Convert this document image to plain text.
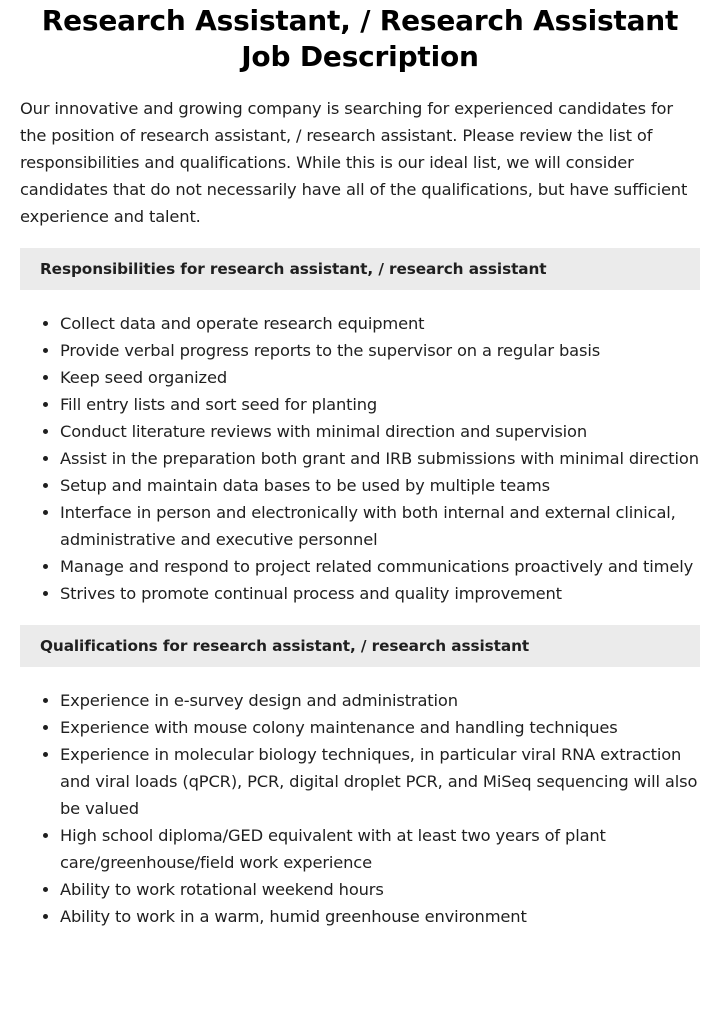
Research Assistant, / Research Assistant Job Description

Our innovative and growing company is searching for experienced candidates for the position of research assistant, / research assistant. Please review the list of responsibilities and qualifications. While this is our ideal list, we will consider candidates that do not necessarily have all of the qualifications, but have sufficient experience and talent.

Responsibilities for research assistant, / research assistant
• Collect data and operate research equipment
• Provide verbal progress reports to the supervisor on a regular basis
• Keep seed organized
• Fill entry lists and sort seed for planting
• Conduct literature reviews with minimal direction and supervision
• Assist in the preparation both grant and IRB submissions with minimal direction
• Setup and maintain data bases to be used by multiple teams
• Interface in person and electronically with both internal and external clinical, administrative and executive personnel
• Manage and respond to project related communications proactively and timely
• Strives to promote continual process and quality improvement
Qualifications for research assistant, / research assistant
• Experience in e-survey design and administration
• Experience with mouse colony maintenance and handling techniques
• Experience in molecular biology techniques, in particular viral RNA extraction and viral loads (qPCR), PCR, digital droplet PCR, and MiSeq sequencing will also be valued
• High school diploma/GED equivalent with at least two years of plant care/greenhouse/field work experience
• Ability to work rotational weekend hours
• Ability to work in a warm, humid greenhouse environment
